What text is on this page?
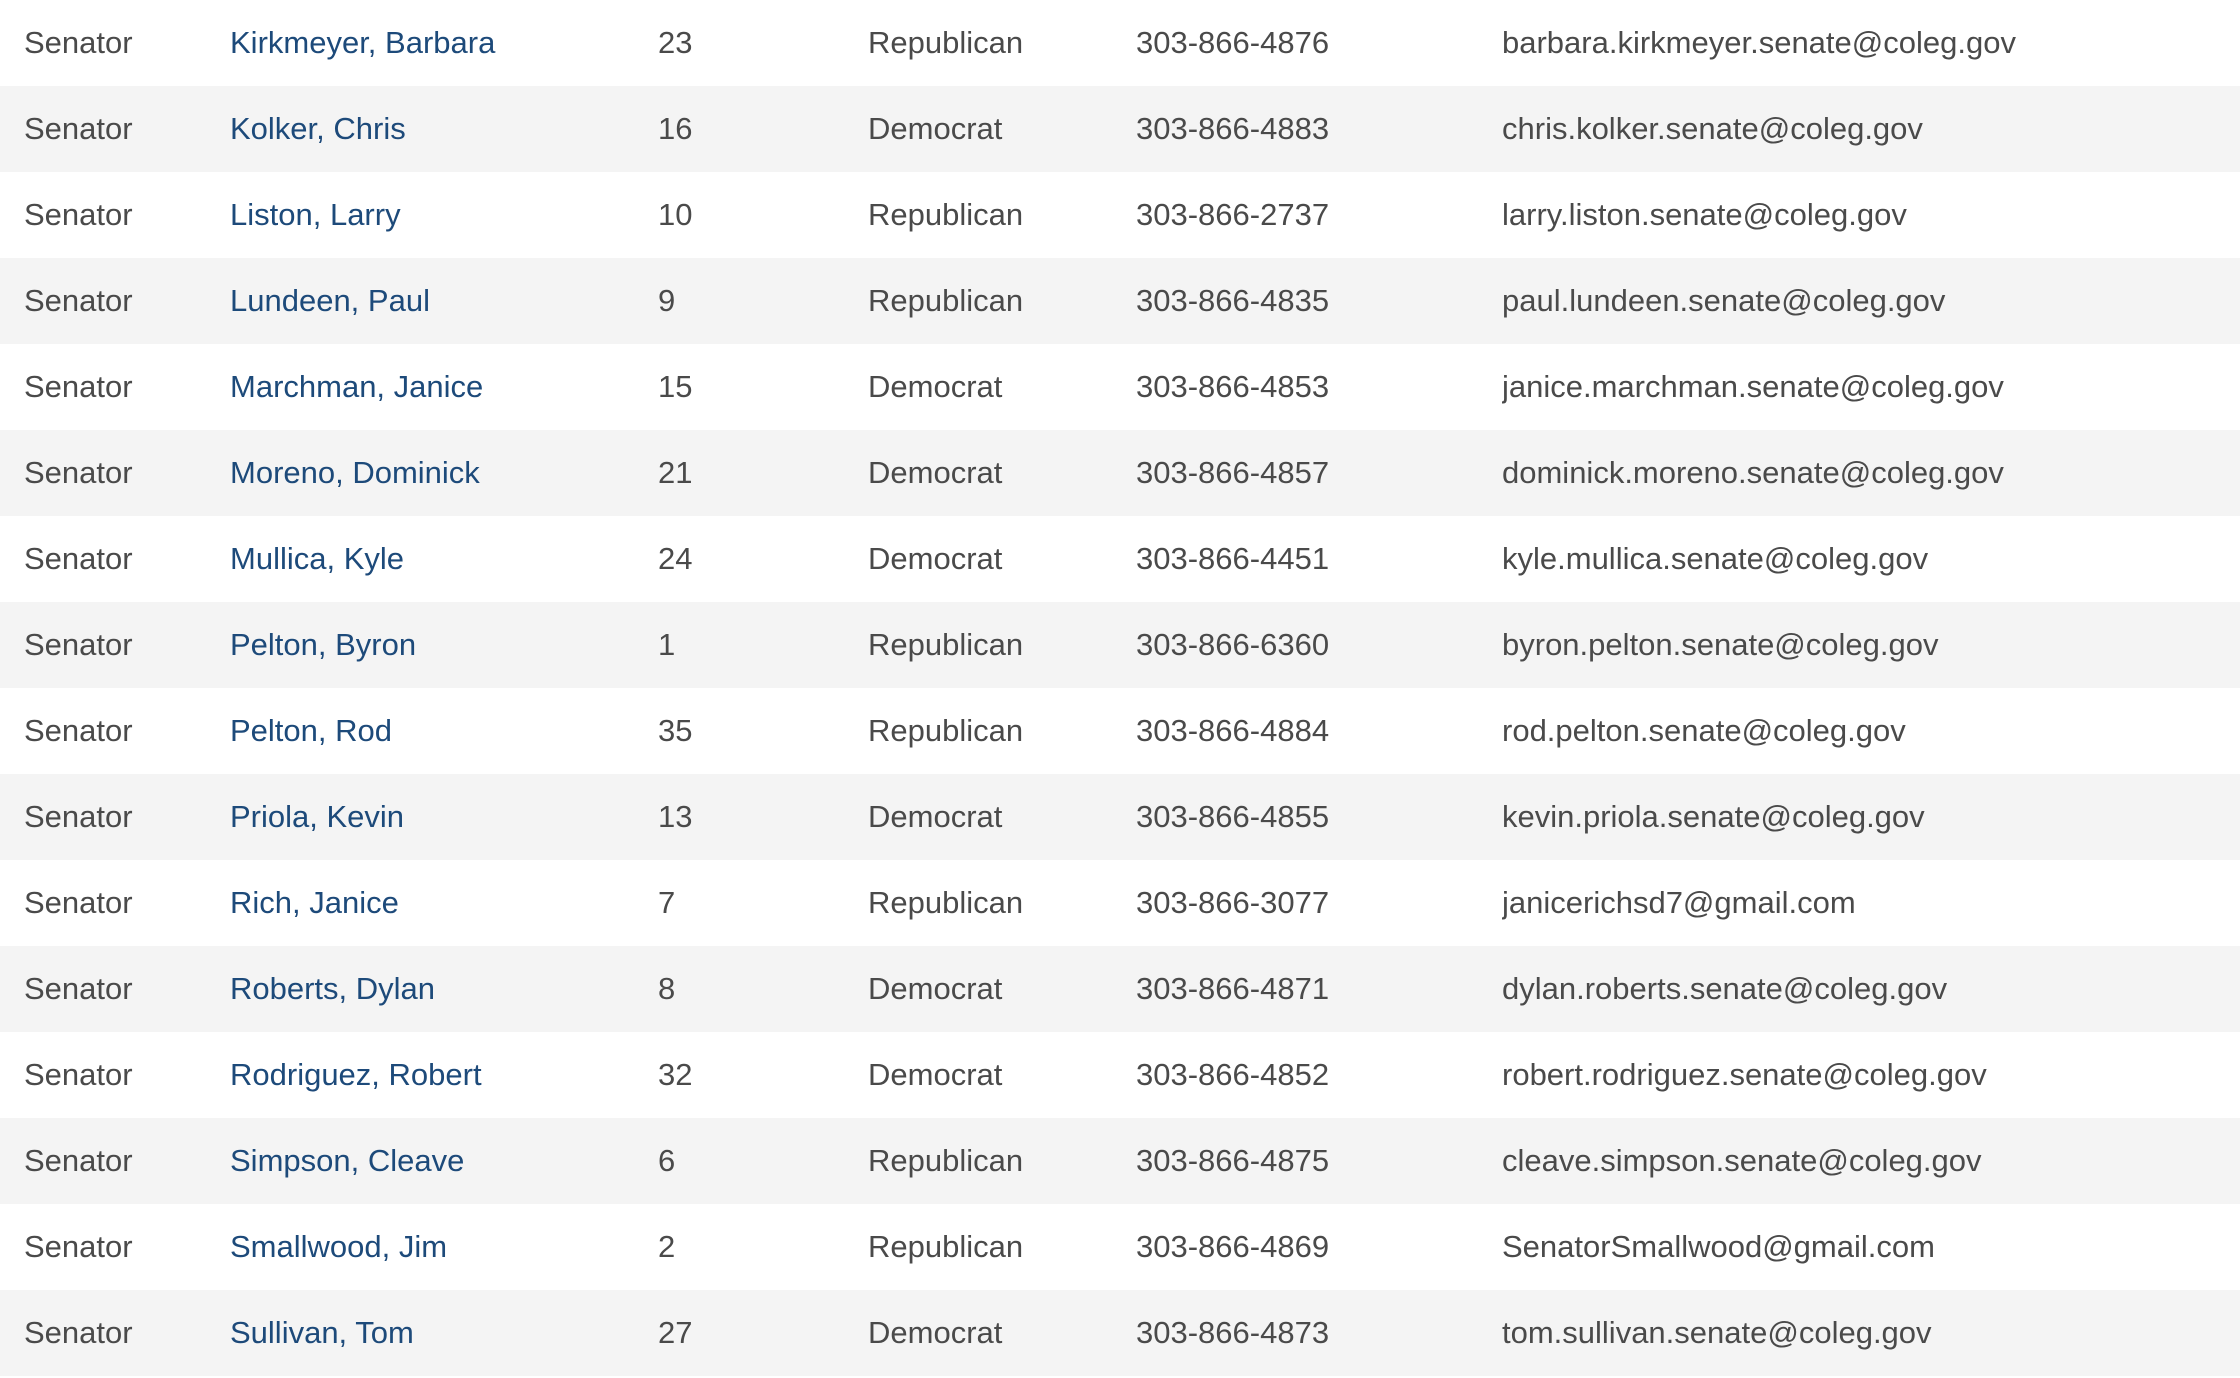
Senator	Kirkmeyer, Barbara	23	Republican	303-866-4876	barbara.kirkmeyer.senate@coleg.gov
Senator	Kolker, Chris	16	Democrat	303-866-4883	chris.kolker.senate@coleg.gov
Senator	Liston, Larry	10	Republican	303-866-2737	larry.liston.senate@coleg.gov
Senator	Lundeen, Paul	9	Republican	303-866-4835	paul.lundeen.senate@coleg.gov
Senator	Marchman, Janice	15	Democrat	303-866-4853	janice.marchman.senate@coleg.gov
Senator	Moreno, Dominick	21	Democrat	303-866-4857	dominick.moreno.senate@coleg.gov
Senator	Mullica, Kyle	24	Democrat	303-866-4451	kyle.mullica.senate@coleg.gov
Senator	Pelton, Byron	1	Republican	303-866-6360	byron.pelton.senate@coleg.gov
Senator	Pelton, Rod	35	Republican	303-866-4884	rod.pelton.senate@coleg.gov
Senator	Priola, Kevin	13	Democrat	303-866-4855	kevin.priola.senate@coleg.gov
Senator	Rich, Janice	7	Republican	303-866-3077	janicerichsd7@gmail.com
Senator	Roberts, Dylan	8	Democrat	303-866-4871	dylan.roberts.senate@coleg.gov
Senator	Rodriguez, Robert	32	Democrat	303-866-4852	robert.rodriguez.senate@coleg.gov
Senator	Simpson, Cleave	6	Republican	303-866-4875	cleave.simpson.senate@coleg.gov
Senator	Smallwood, Jim	2	Republican	303-866-4869	SenatorSmallwood@gmail.com
Senator	Sullivan, Tom	27	Democrat	303-866-4873	tom.sullivan.senate@coleg.gov
